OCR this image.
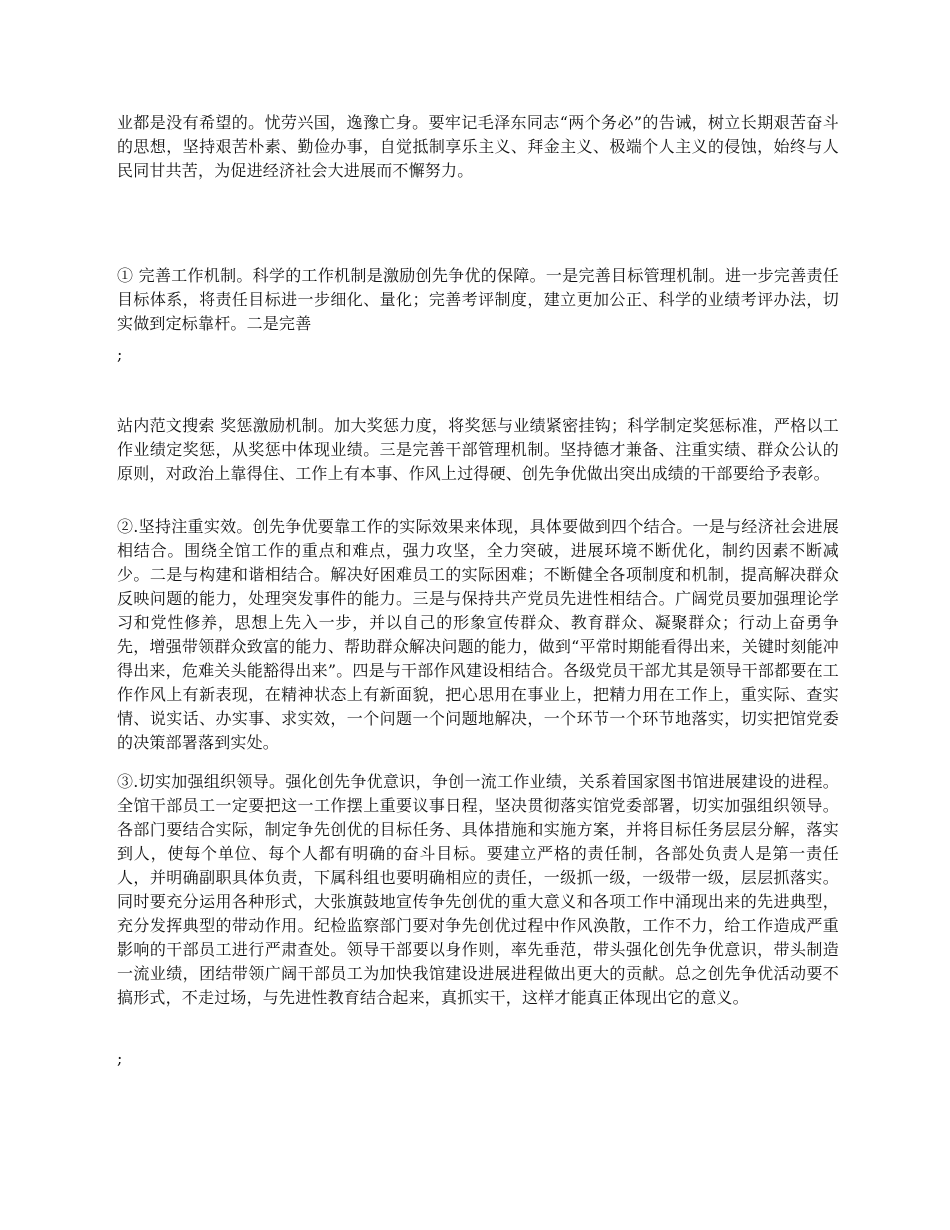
业都是没有希望的。忧劳兴国，逸豫亡身。要牢记毛泽东同志“两个务必”的告诫，树立长期艰苦奋斗的思想，坚持艰苦朴素、勤俭办事，自觉抵制享乐主义、拜金主义、极端个人主义的侵蚀，始终与人民同甘共苦，为促进经济社会大进展而不懈努力。

① 完善工作机制。科学的工作机制是激励创先争优的保障。一是完善目标管理机制。进一步完善责任目标体系，将责任目标进一步细化、量化；完善考评制度，建立更加公正、科学的业绩考评办法，切实做到定标靠杆。二是完善

;

站内范文搜索 奖惩激励机制。加大奖惩力度，将奖惩与业绩紧密挂钩；科学制定奖惩标准，严格以工作业绩定奖惩，从奖惩中体现业绩。三是完善干部管理机制。坚持德才兼备、注重实绩、群众公认的原则，对政治上靠得住、工作上有本事、作风上过得硬、创先争优做出突出成绩的干部要给予表彰。

②.坚持注重实效。创先争优要靠工作的实际效果来体现，具体要做到四个结合。一是与经济社会进展相结合。围绕全馆工作的重点和难点，强力攻坚，全力突破，进展环境不断优化，制约因素不断减少。二是与构建和谐相结合。解决好困难员工的实际困难；不断健全各项制度和机制，提高解决群众反映问题的能力，处理突发事件的能力。三是与保持共产党员先进性相结合。广阔党员要加强理论学习和党性修养，思想上先入一步，并以自己的形象宣传群众、教育群众、凝聚群众；行动上奋勇争先，增强带领群众致富的能力、帮助群众解决问题的能力，做到“平常时期能看得出来，关键时刻能冲得出来，危难关头能豁得出来”。四是与干部作风建设相结合。各级党员干部尤其是领导干部都要在工作作风上有新表现，在精神状态上有新面貌，把心思用在事业上，把精力用在工作上，重实际、查实情、说实话、办实事、求实效，一个问题一个问题地解决，一个环节一个环节地落实，切实把馆党委的决策部署落到实处。

③.切实加强组织领导。强化创先争优意识，争创一流工作业绩，关系着国家图书馆进展建设的进程。全馆干部员工一定要把这一工作摆上重要议事日程，坚决贯彻落实馆党委部署，切实加强组织领导。各部门要结合实际，制定争先创优的目标任务、具体措施和实施方案，并将目标任务层层分解，落实到人，使每个单位、每个人都有明确的奋斗目标。要建立严格的责任制，各部处负责人是第一责任人，并明确副职具体负责，下属科组也要明确相应的责任，一级抓一级，一级带一级，层层抓落实。同时要充分运用各种形式，大张旗鼓地宣传争先创优的重大意义和各项工作中涌现出来的先进典型，充分发挥典型的带动作用。纪检监察部门要对争先创优过程中作风涣散，工作不力，给工作造成严重影响的干部员工进行严肃查处。领导干部要以身作则，率先垂范，带头强化创先争优意识，带头制造一流业绩，团结带领广阔干部员工为加快我馆建设进展进程做出更大的贡献。总之创先争优活动要不搞形式，不走过场，与先进性教育结合起来，真抓实干，这样才能真正体现出它的意义。

;
